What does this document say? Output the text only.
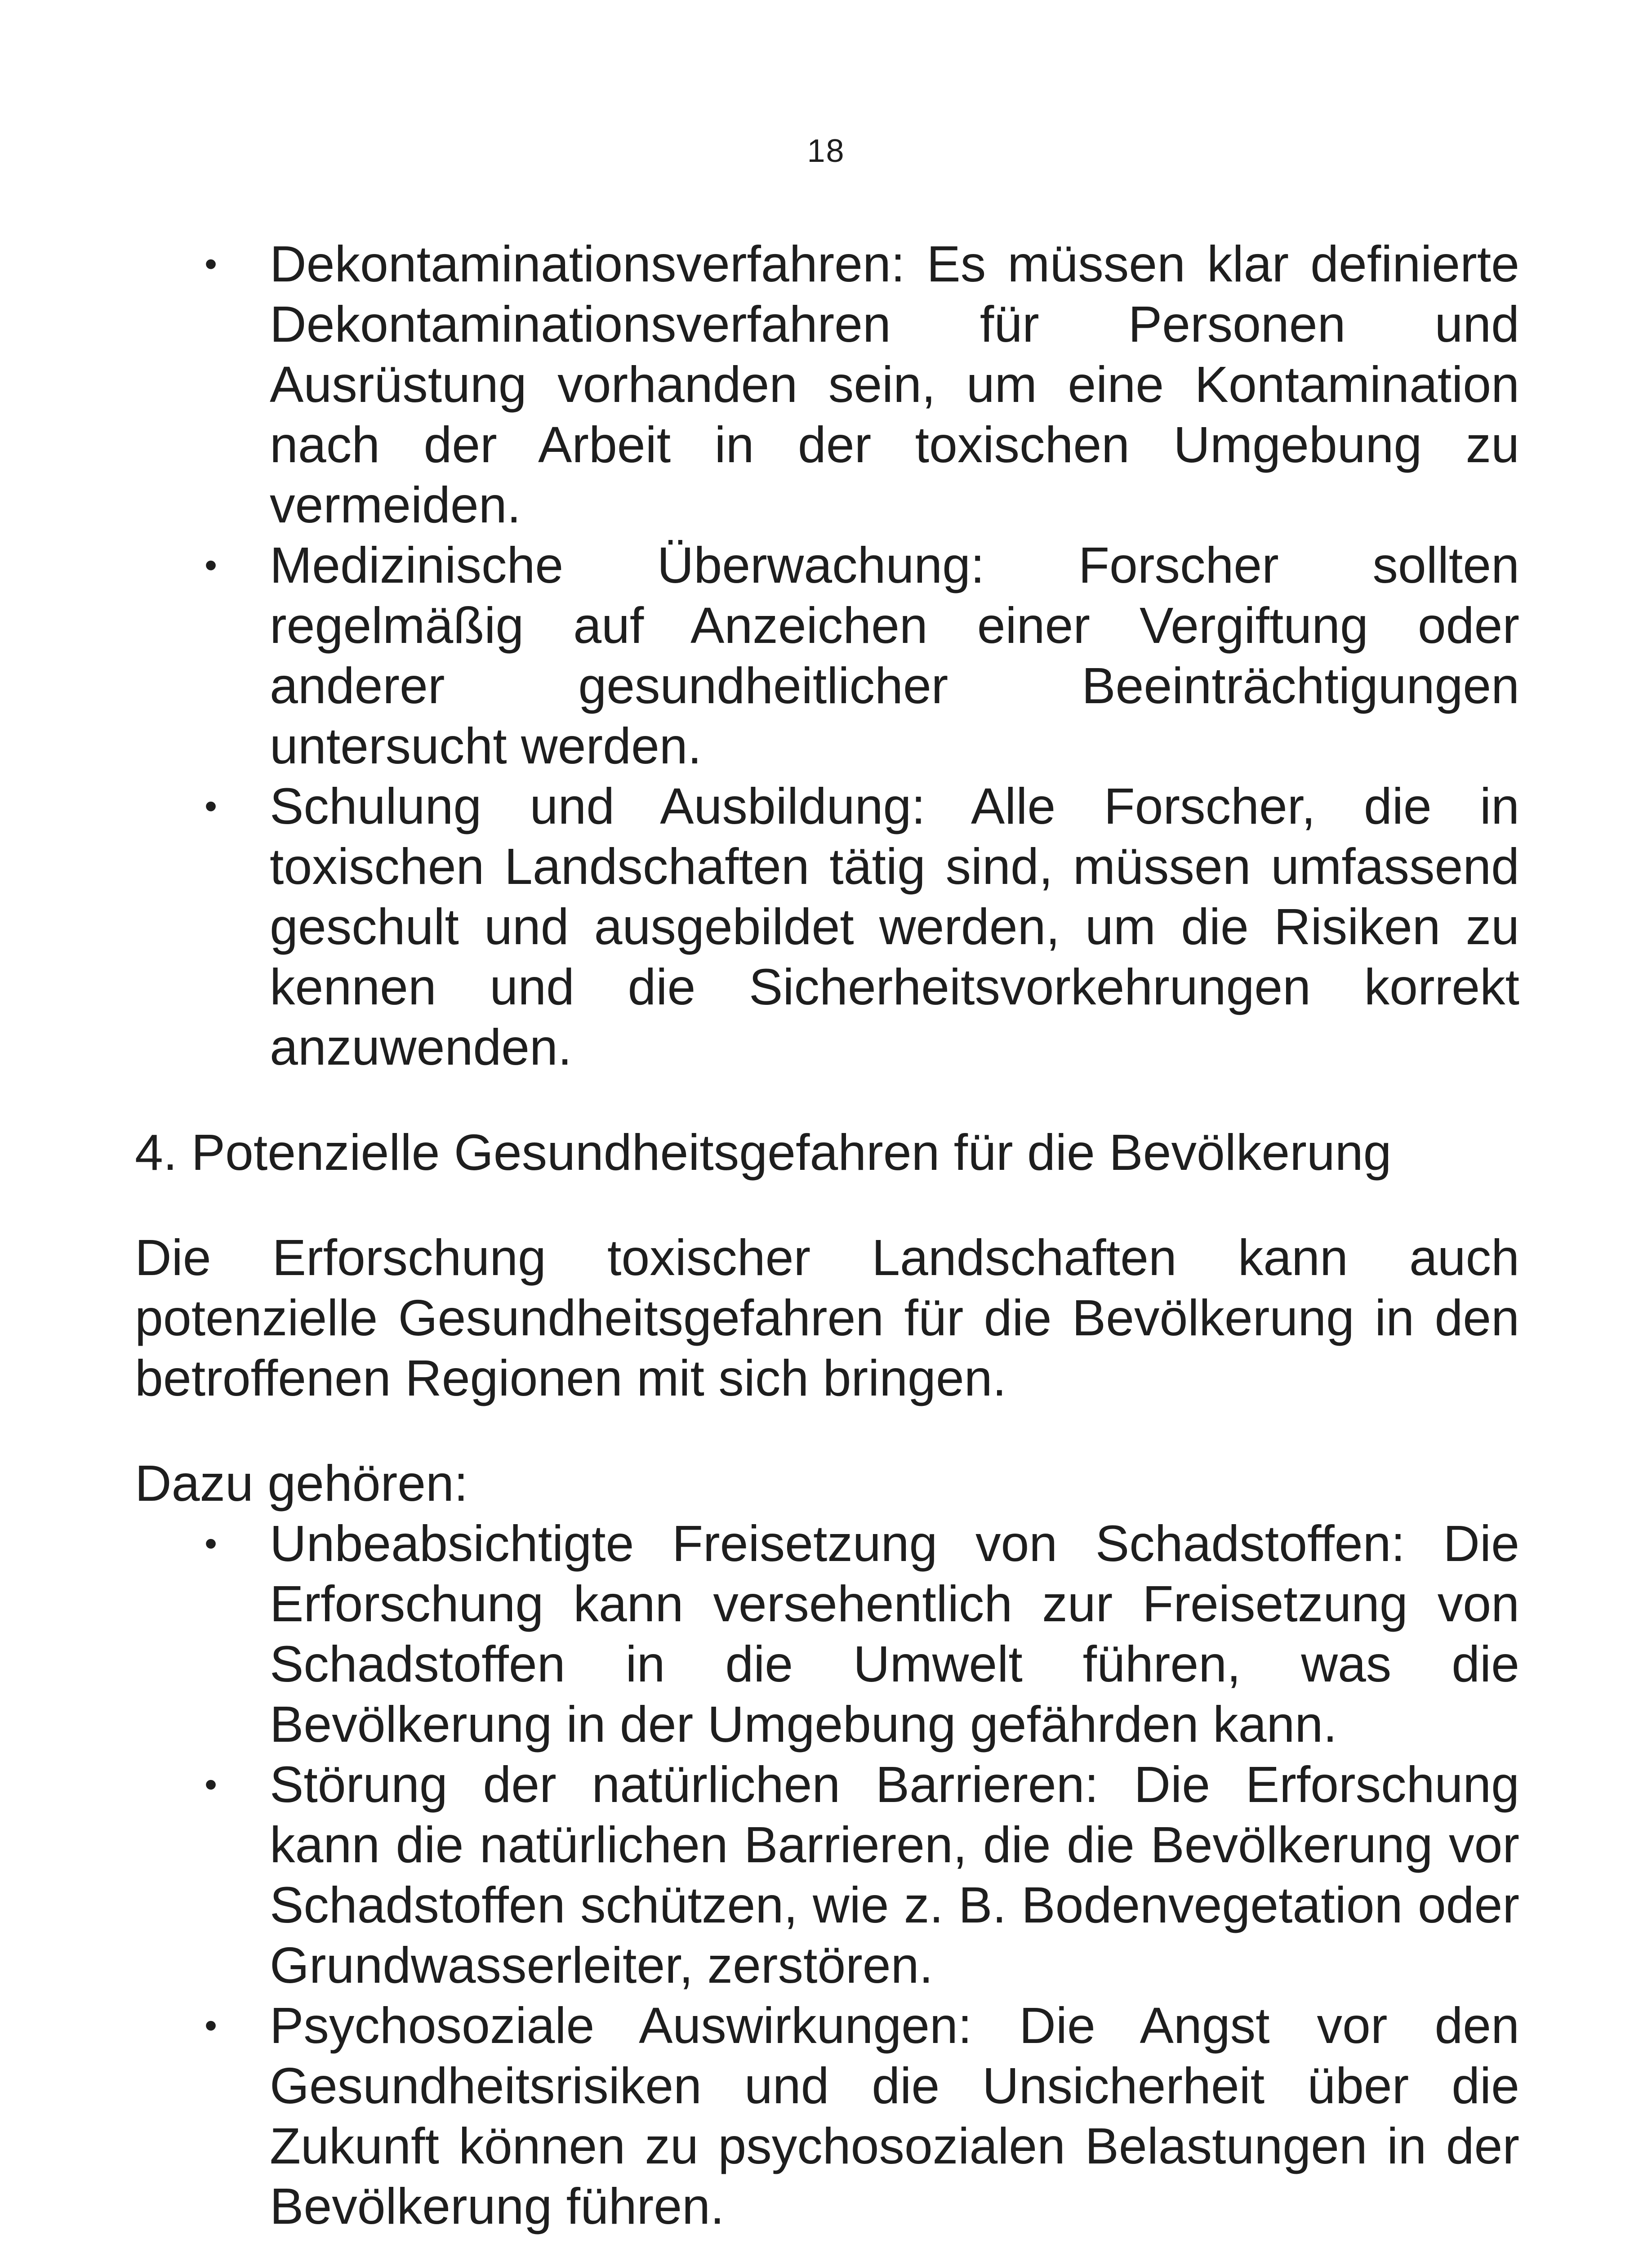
18
• Dekontaminationsverfahren: Es müssen klar definierte Dekontaminationsverfahren für Personen und Ausrüstung vorhanden sein, um eine Kontamination nach der Arbeit in der toxischen Umgebung zu vermeiden.
• Medizinische Überwachung: Forscher sollten regelmäßig auf Anzeichen einer Vergiftung oder anderer gesundheitlicher Beeinträchtigungen untersucht werden.
• Schulung und Ausbildung: Alle Forscher, die in toxischen Landschaften tätig sind, müssen umfassend geschult und ausgebildet werden, um die Risiken zu kennen und die Sicherheitsvorkehrungen korrekt anzuwenden.
4. Potenzielle Gesundheitsgefahren für die Bevölkerung

Die Erforschung toxischer Landschaften kann auch potenzielle Gesundheitsgefahren für die Bevölkerung in den betroffenen Regionen mit sich bringen.

Dazu gehören:

• Unbeabsichtigte Freisetzung von Schadstoffen: Die Erforschung kann versehentlich zur Freisetzung von Schadstoffen in die Umwelt führen, was die Bevölkerung in der Umgebung gefährden kann.
• Störung der natürlichen Barrieren: Die Erforschung kann die natürlichen Barrieren, die die Bevölkerung vor Schadstoffen schützen, wie z. B. Bodenvegetation oder Grundwasserleiter, zerstören.
• Psychosoziale Auswirkungen: Die Angst vor den Gesundheitsrisiken und die Unsicherheit über die Zukunft können zu psychosozialen Belastungen in der Bevölkerung führen.
